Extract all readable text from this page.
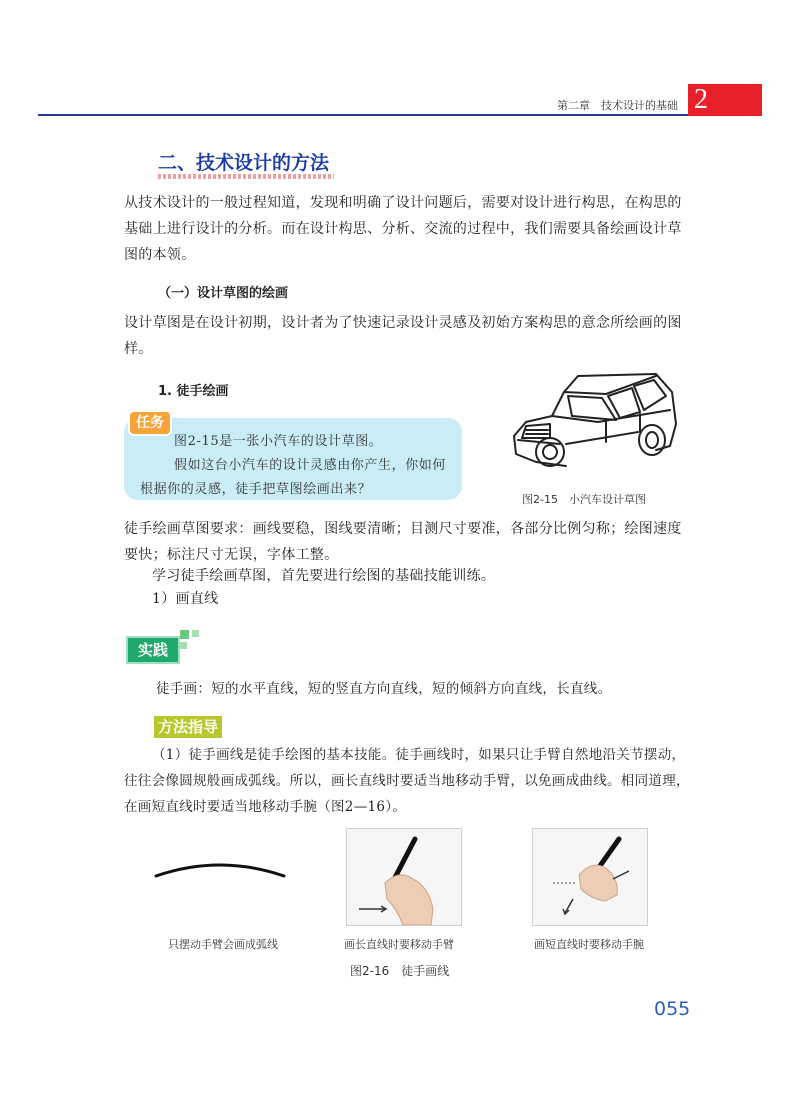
第二章　技术设计的基础 2
二、技术设计的方法
从技术设计的一般过程知道，发现和明确了设计问题后，需要对设计进行构思，在构思的基础上进行设计的分析。而在设计构思、分析、交流的过程中，我们需要具备绘画设计草图的本领。
（一）设计草图的绘画
设计草图是在设计初期，设计者为了快速记录设计灵感及初始方案构思的意念所绘画的图样。
1. 徒手绘画
任务
图2-15是一张小汽车的设计草图。
假如这台小汽车的设计灵感由你产生，你如何根据你的灵感，徒手把草图绘画出来？
图2-15　小汽车设计草图
徒手绘画草图要求：画线要稳，图线要清晰；目测尺寸要准，各部分比例匀称；绘图速度要快；标注尺寸无误，字体工整。
学习徒手绘画草图，首先要进行绘图的基础技能训练。
1）画直线
实践
徒手画：短的水平直线，短的竖直方向直线，短的倾斜方向直线，长直线。
方法指导
（1）徒手画线是徒手绘图的基本技能。徒手画线时，如果只让手臂自然地沿关节摆动，往往会像圆规般画成弧线。所以，画长直线时要适当地移动手臂，以免画成曲线。相同道理，在画短直线时要适当地移动手腕（图2—16）。
只摆动手臂会画成弧线	画长直线时要移动手臂	画短直线时要移动手腕
图2-16　徒手画线
055
